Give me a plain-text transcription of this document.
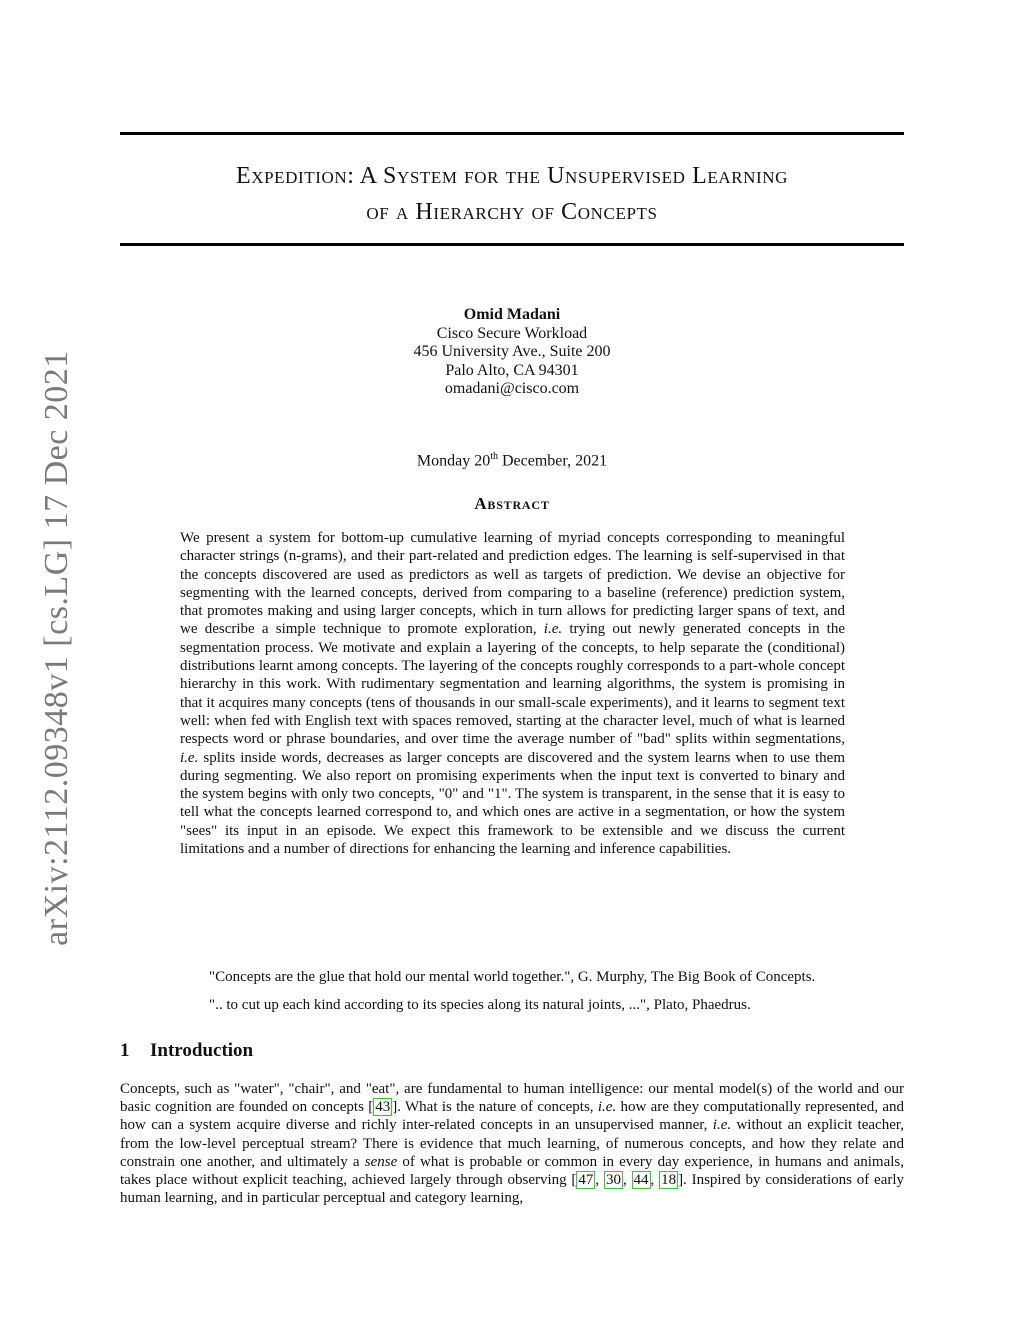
Expedition: A System for the Unsupervised Learning
of a Hierarchy of Concepts
arXiv:2112.09348v1 [cs.LG] 17 Dec 2021
Omid Madani
Cisco Secure Workload
456 University Ave., Suite 200
Palo Alto, CA 94301
omadani@cisco.com
Monday 20th December, 2021
Abstract
We present a system for bottom-up cumulative learning of myriad concepts corresponding to meaningful character strings (n-grams), and their part-related and prediction edges. The learning is self-supervised in that the concepts discovered are used as predictors as well as targets of prediction. We devise an objective for segmenting with the learned concepts, derived from comparing to a baseline (reference) prediction system, that promotes making and using larger concepts, which in turn allows for predicting larger spans of text, and we describe a simple technique to promote exploration, i.e. trying out newly generated concepts in the segmentation process. We motivate and explain a layering of the concepts, to help separate the (conditional) distributions learnt among concepts. The layering of the concepts roughly corresponds to a part-whole concept hierarchy in this work. With rudimentary segmentation and learning algorithms, the system is promising in that it acquires many concepts (tens of thousands in our small-scale experiments), and it learns to segment text well: when fed with English text with spaces removed, starting at the character level, much of what is learned respects word or phrase boundaries, and over time the average number of "bad" splits within segmentations, i.e. splits inside words, decreases as larger concepts are discovered and the system learns when to use them during segmenting. We also report on promising experiments when the input text is converted to binary and the system begins with only two concepts, "0" and "1". The system is transparent, in the sense that it is easy to tell what the concepts learned correspond to, and which ones are active in a segmentation, or how the system "sees" its input in an episode. We expect this framework to be extensible and we discuss the current limitations and a number of directions for enhancing the learning and inference capabilities.
"Concepts are the glue that hold our mental world together.", G. Murphy, The Big Book of Concepts.
".. to cut up each kind according to its species along its natural joints, ...", Plato, Phaedrus.
1 Introduction
Concepts, such as "water", "chair", and "eat", are fundamental to human intelligence: our mental model(s) of the world and our basic cognition are founded on concepts [ 43 ]. What is the nature of concepts, i.e. how are they computationally represented, and how can a system acquire diverse and richly inter-related concepts in an unsupervised manner, i.e. without an explicit teacher, from the low-level perceptual stream? There is evidence that much learning, of numerous concepts, and how they relate and constrain one another, and ultimately a sense of what is probable or common in every day experience, in humans and animals, takes place without explicit teaching, achieved largely through observing [ 47 , 30 , 44 , 18 ]. Inspired by considerations of early human learning, and in particular perceptual and category learning,
